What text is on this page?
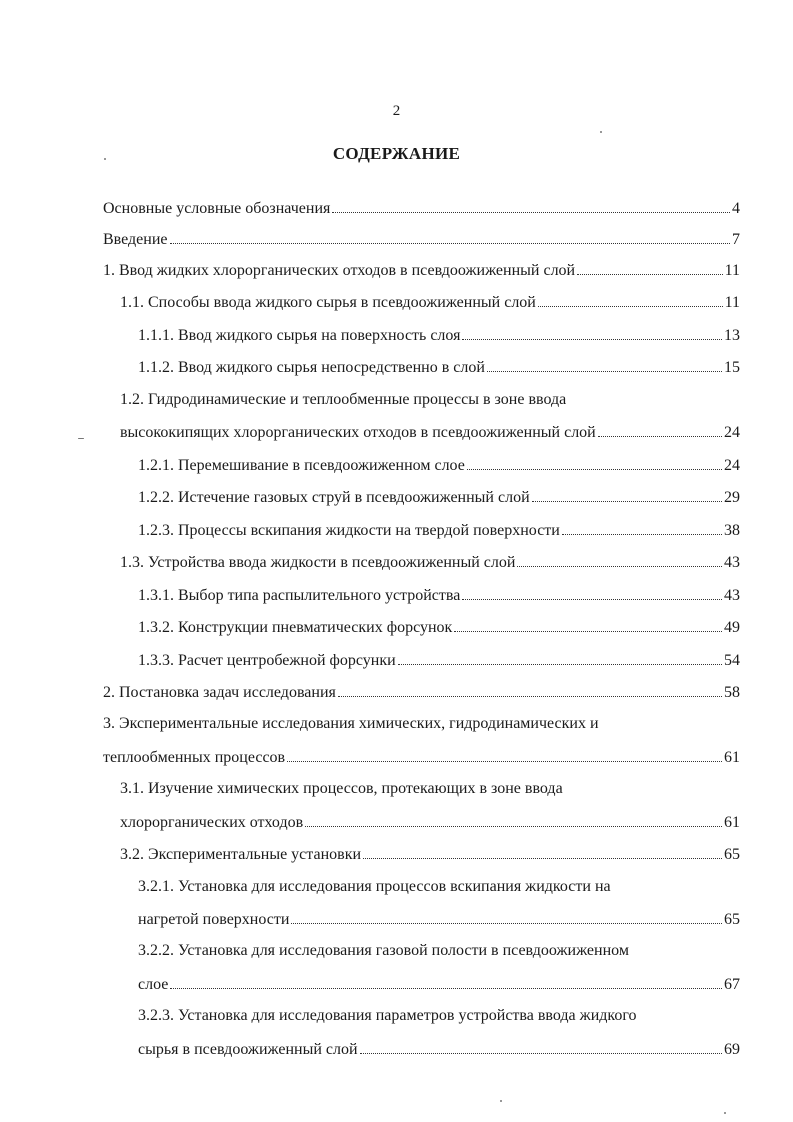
2
СОДЕРЖАНИЕ
Основные условные обозначения	4
Введение	7
1. Ввод жидких хлорорганических отходов в псевдоожиженный слой	11
1.1. Способы ввода жидкого сырья в псевдоожиженный слой	11
1.1.1. Ввод жидкого сырья на поверхность слоя	13
1.1.2. Ввод жидкого сырья непосредственно в слой	15
1.2. Гидродинамические и теплообменные процессы в зоне ввода
высококипящих хлорорганических отходов в псевдоожиженный слой	24
1.2.1. Перемешивание в псевдоожиженном слое	24
1.2.2. Истечение газовых струй в псевдоожиженный слой	29
1.2.3. Процессы вскипания жидкости на твердой поверхности	38
1.3. Устройства ввода жидкости в псевдоожиженный слой	43
1.3.1. Выбор типа распылительного устройства	43
1.3.2. Конструкции пневматических форсунок	49
1.3.3. Расчет центробежной форсунки	54
2. Постановка задач исследования	58
3. Экспериментальные исследования химических, гидродинамических и
теплообменных процессов	61
3.1. Изучение химических процессов, протекающих в зоне ввода
хлорорганических отходов	61
3.2. Экспериментальные установки	65
3.2.1. Установка для исследования процессов вскипания жидкости на
нагретой поверхности	65
3.2.2. Установка для исследования газовой полости в псевдоожиженном
слое	67
3.2.3. Установка для исследования параметров устройства ввода жидкого
сырья в псевдоожиженный слой	69
